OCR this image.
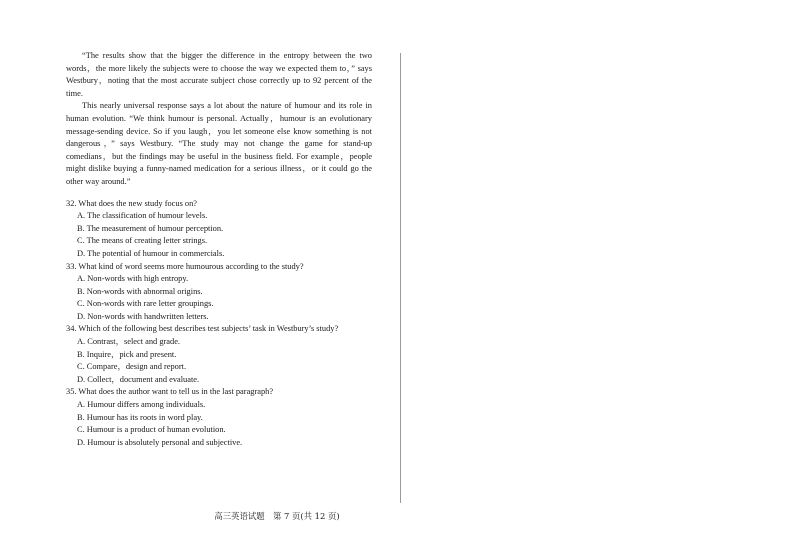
“The results show that the bigger the difference in the entropy between the two words，the more likely the subjects were to choose the way we expected them to，” says Westbury，noting that the most accurate subject chose correctly up to 92 percent of the time.

This nearly universal response says a lot about the nature of humour and its role in human evolution. “We think humour is personal. Actually，humour is an evolutionary message-sending device. So if you laugh，you let someone else know something is not dangerous，” says Westbury. “The study may not change the game for stand-up comedians，but the findings may be useful in the business field. For example，people might dislike buying a funny-named medication for a serious illness，or it could go the other way around.”

32. What does the new study focus on?
A. The classification of humour levels.
B. The measurement of humour perception.
C. The means of creating letter strings.
D. The potential of humour in commercials.
33. What kind of word seems more humourous according to the study?
A. Non-words with high entropy.
B. Non-words with abnormal origins.
C. Non-words with rare letter groupings.
D. Non-words with handwritten letters.
34. Which of the following best describes test subjects’ task in Westbury’s study?
A. Contrast，select and grade.
B. Inquire，pick and present.
C. Compare，design and report.
D. Collect，document and evaluate.
35. What does the author want to tell us in the last paragraph?
A. Humour differs among individuals.
B. Humour has its roots in word play.
C. Humour is a product of human evolution.
D. Humour is absolutely personal and subjective.
高三英语试题　第 7 页(共 12 页)
